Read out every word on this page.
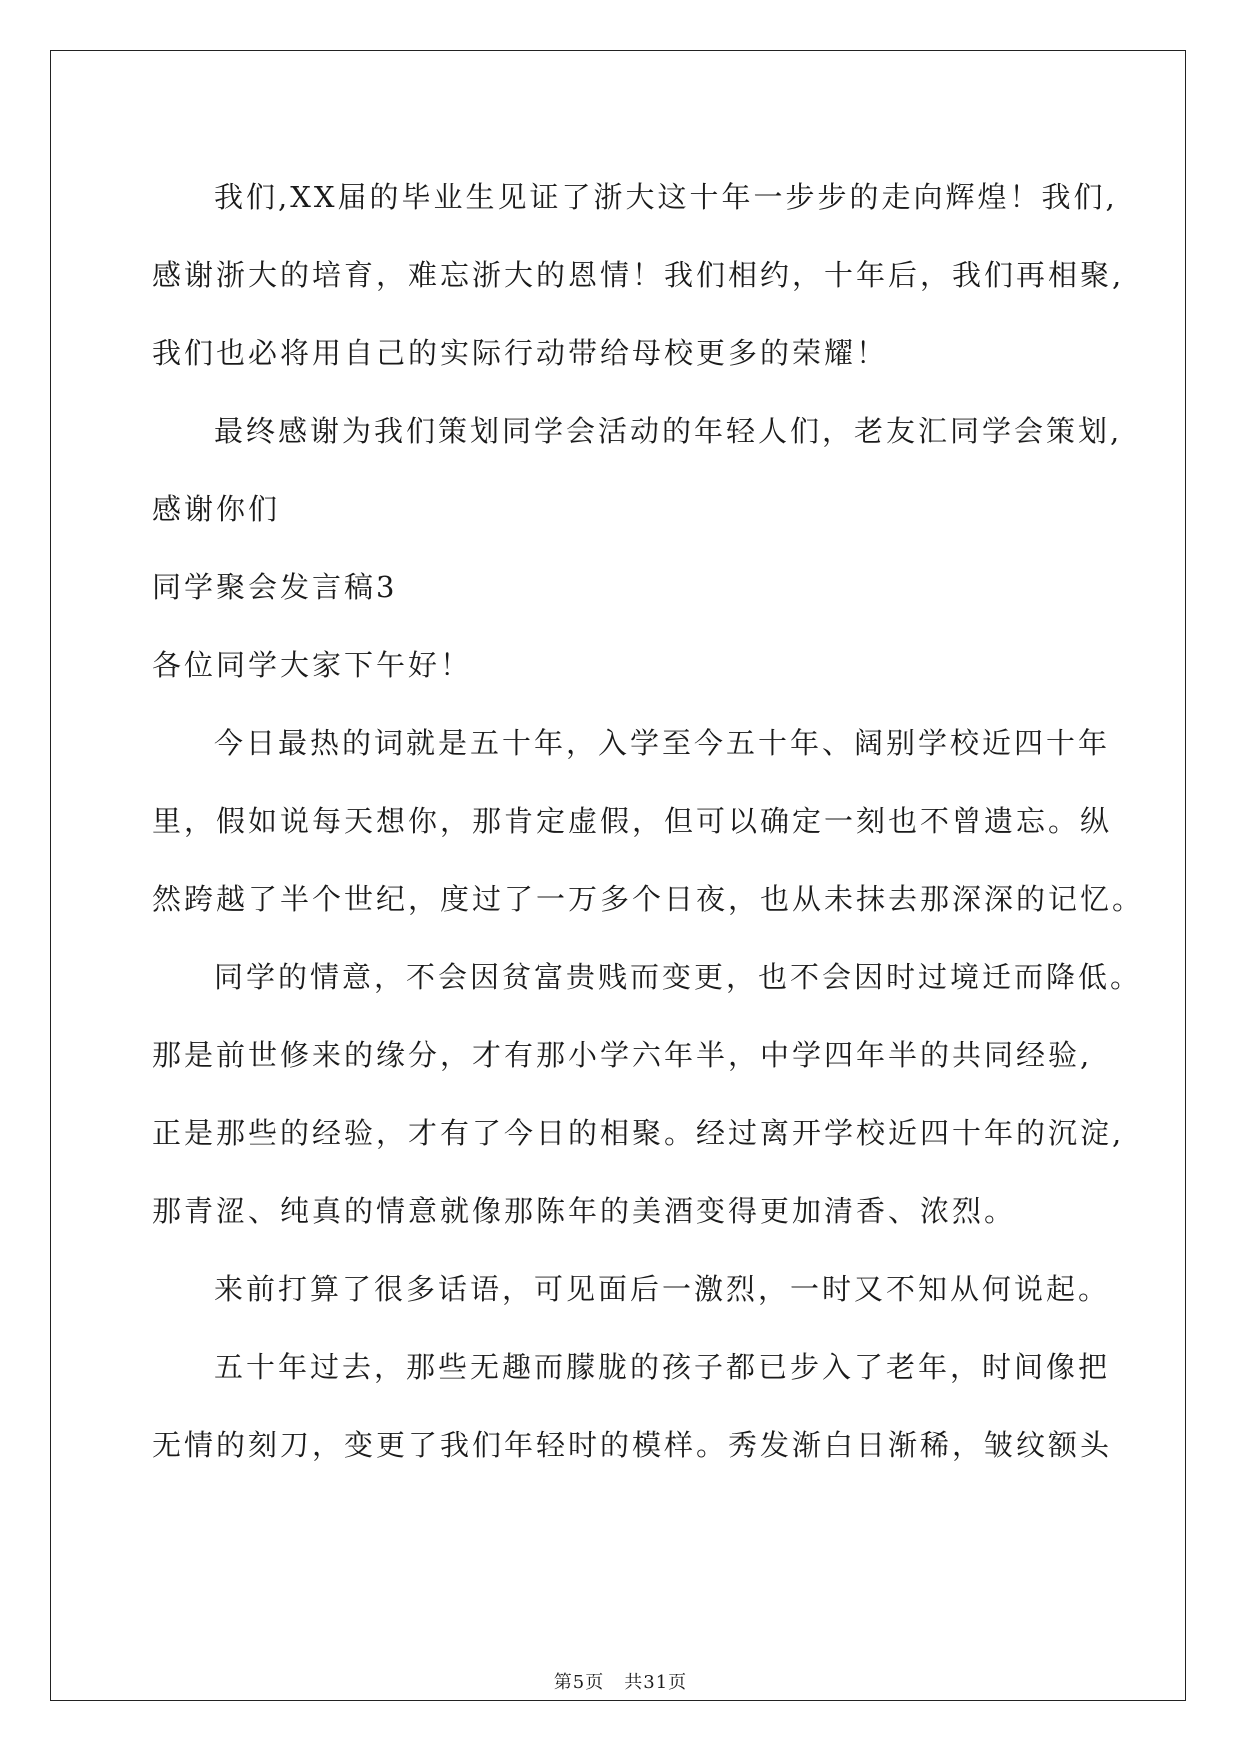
我们,XX届的毕业生见证了浙大这十年一步步的走向辉煌！我们,
感谢浙大的培育，难忘浙大的恩情！我们相约，十年后，我们再相聚,
我们也必将用自己的实际行动带给母校更多的荣耀！
最终感谢为我们策划同学会活动的年轻人们，老友汇同学会策划,
感谢你们
同学聚会发言稿3
各位同学大家下午好！
今日最热的词就是五十年，入学至今五十年、阔别学校近四十年
里，假如说每天想你，那肯定虚假，但可以确定一刻也不曾遗忘。纵
然跨越了半个世纪，度过了一万多个日夜，也从未抹去那深深的记忆。
同学的情意，不会因贫富贵贱而变更，也不会因时过境迁而降低。
那是前世修来的缘分，才有那小学六年半，中学四年半的共同经验,
正是那些的经验，才有了今日的相聚。经过离开学校近四十年的沉淀,
那青涩、纯真的情意就像那陈年的美酒变得更加清香、浓烈。
来前打算了很多话语，可见面后一激烈，一时又不知从何说起。
五十年过去，那些无趣而朦胧的孩子都已步入了老年，时间像把
无情的刻刀，变更了我们年轻时的模样。秀发渐白日渐稀，皱纹额头
第5页 共31页
